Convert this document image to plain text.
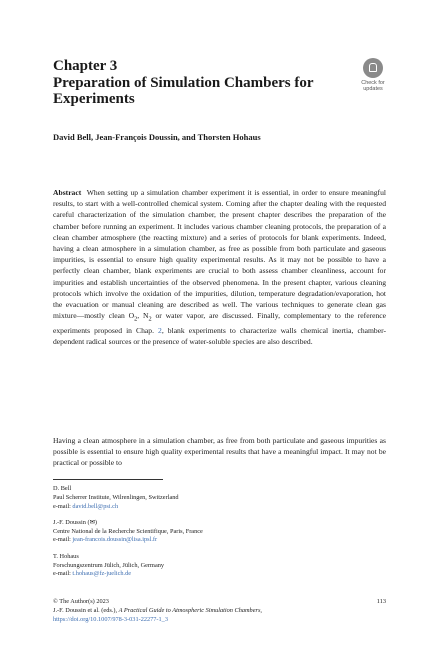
Chapter 3
Preparation of Simulation Chambers for Experiments
Check for
updates
David Bell, Jean-François Doussin, and Thorsten Hohaus
Abstract When setting up a simulation chamber experiment it is essential, in order to ensure meaningful results, to start with a well-controlled chemical system. Coming after the chapter dealing with the requested careful characterization of the simulation chamber, the present chapter describes the preparation of the chamber before running an experiment. It includes various chamber cleaning protocols, the preparation of a clean chamber atmosphere (the reacting mixture) and a series of protocols for blank experiments. Indeed, having a clean atmosphere in a simulation chamber, as free as possible from both particulate and gaseous impurities, is essential to ensure high quality experimental results. As it may not be possible to have a perfectly clean chamber, blank experiments are crucial to both assess chamber cleanliness, account for impurities and establish uncertainties of the observed phenomena. In the present chapter, various cleaning protocols which involve the oxidation of the impurities, dilution, temperature degradation/evaporation, hot the evacuation or manual cleaning are described as well. The various techniques to generate clean gas mixture—mostly clean $O_2$, $N_2$ or water vapor, are discussed. Finally, complementary to the reference experiments proposed in Chap. 2, blank experiments to characterize walls chemical inertia, chamber-dependent radical sources or the presence of water-soluble species are also described.
Having a clean atmosphere in a simulation chamber, as free from both particulate and gaseous impurities as possible is essential to ensure high quality experimental results that have a meaningful impact. It may not be practical or possible to
D. Bell
Paul Scherrer Institute, Wilrenlingen, Switzerland
e-mail: david.bell@psi.ch
J.-F. Doussin (✉)
Centre National de la Recherche Scientifique, Paris, France
e-mail: jean-francois.doussin@lisa.ipsl.fr
T. Hohaus
Forschungszentrum Jülich, Jülich, Germany
e-mail: t.hohaus@fz-juelich.de
© The Author(s) 2023	113
J.-F. Doussin et al. (eds.), A Practical Guide to Atmospheric Simulation Chambers,
https://doi.org/10.1007/978-3-031-22277-1_3
